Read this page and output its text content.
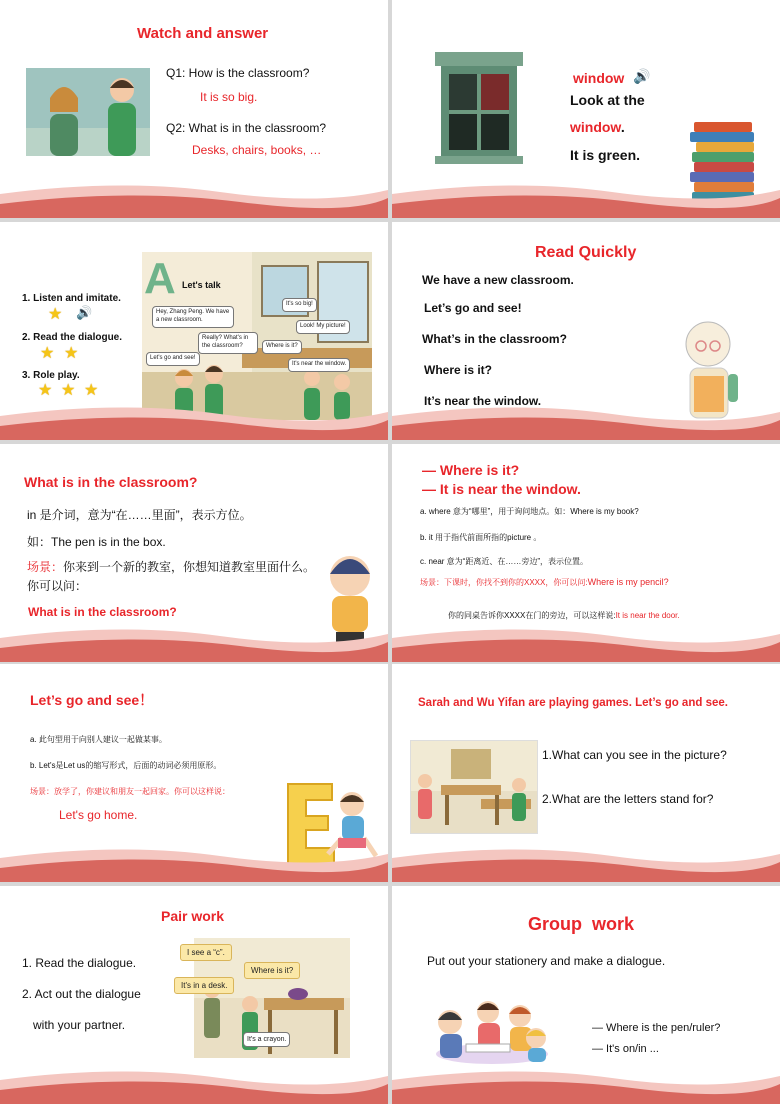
Watch and answer
Q1: How is the classroom?
It is so big.
Q2: What is in the classroom?
Desks, chairs, books, …
window 🔊
Look at the
window.
It is green.
1. Listen and imitate.
★ 🔊
2. Read the dialogue.
★ ★
3. Role play.
★ ★ ★
A Let's talk
Hey, Zhang Peng. We have a new classroom.
Really? What's in the classroom?
Let's go and see!
It's so big!
Look! My picture!
Where is it?
It's near the window.
Read Quickly
We have a new classroom.
Let’s go and see!
What’s in the classroom?
Where is it?
It’s near the window.
What is in the classroom?
in 是介词，意为“在……里面”，表示方位。
如：The pen is in the box.
场景：你来到一个新的教室，你想知道教室里面什么。
你可以问：
What is in the classroom?
— Where is it?
— It is near the window.
a. where 意为“哪里”，用于询问地点。如：Where is my book?
b. it 用于指代前面所指的picture 。
c. near 意为“距离近、在……旁边”，表示位置。
场景：下课时，你找不到你的XXXX，你可以问:Where is my pencil?
你的同桌告诉你XXXX在门的旁边，可以这样说:It is near the door.
Let’s go and see！
a. 此句型用于向别人建议一起做某事。
b. Let's是Let us的缩写形式，后面的动词必须用原形。
场景：放学了，你建议和朋友一起回家。你可以这样说：
Let's go home.
Sarah and Wu Yifan are playing games. Let’s go and see.
1.What can you see in the picture?
2.What are the letters stand for?
Pair work
1. Read the dialogue.
2. Act out the dialogue
with your partner.
I see a “c”.
Where is it?
It's in a desk.
It's a crayon.
Group  work
Put out your stationery and make a dialogue.
— Where is the pen/ruler?
— It's on/in ...
